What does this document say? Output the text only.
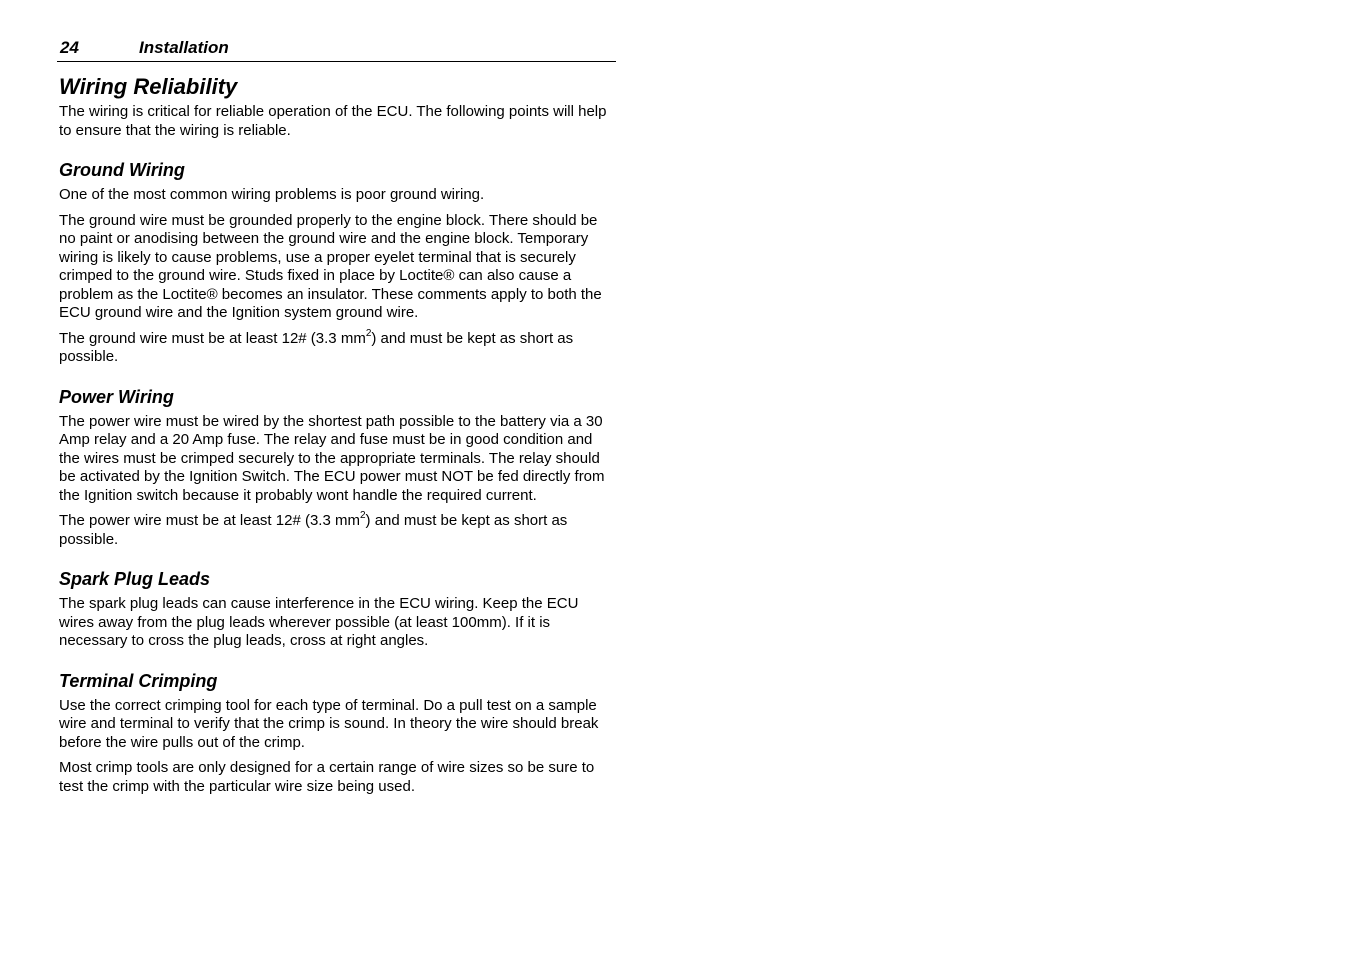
24	Installation
Wiring Reliability

The wiring is critical for reliable operation of the ECU. The following points will help to ensure that the wiring is reliable.

Ground Wiring

One of the most common wiring problems is poor ground wiring.

The ground wire must be grounded properly to the engine block. There should be no paint or anodising between the ground wire and the engine block. Temporary wiring is likely to cause problems, use a proper eyelet terminal that is securely crimped to the ground wire. Studs fixed in place by Loctite® can also cause a problem as the Loctite® becomes an insulator. These comments apply to both the ECU ground wire and the Ignition system ground wire.

The ground wire must be at least 12# (3.3 $mm^2$) and must be kept as short as possible.

Power Wiring

The power wire must be wired by the shortest path possible to the battery via a 30 Amp relay and a 20 Amp fuse. The relay and fuse must be in good condition and the wires must be crimped securely to the appropriate terminals. The relay should be activated by the Ignition Switch. The ECU power must NOT be fed directly from the Ignition switch because it probably wont handle the required current.

The power wire must be at least 12# (3.3 $mm^2$) and must be kept as short as possible.

Spark Plug Leads

The spark plug leads can cause interference in the ECU wiring. Keep the ECU wires away from the plug leads wherever possible (at least 100mm). If it is necessary to cross the plug leads, cross at right angles.

Terminal Crimping

Use the correct crimping tool for each type of terminal. Do a pull test on a sample wire and terminal to verify that the crimp is sound. In theory the wire should break before the wire pulls out of the crimp.

Most crimp tools are only designed for a certain range of wire sizes so be sure to test the crimp with the particular wire size being used.
